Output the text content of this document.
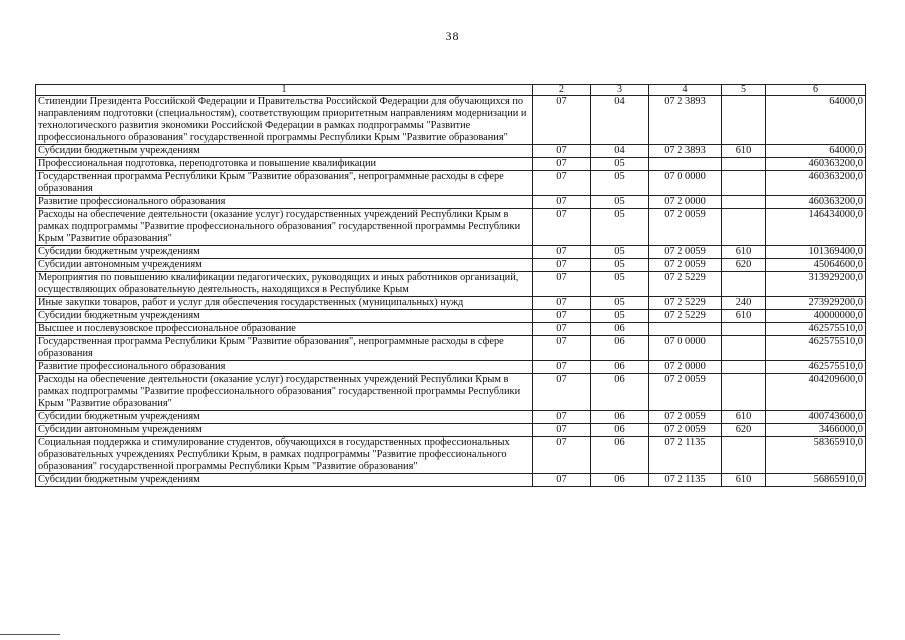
38
1	2	3	4	5	6
Стипендии Президента Российской Федерации и Правительства Российской Федерации для обучающихся по направлениям подготовки (специальностям), соответствующим приоритетным направлениям модернизации и технологического развития экономики Российской Федерации в рамках подпрограммы "Развитие профессионального образования" государственной программы Республики Крым "Развитие образования"	07	04	07 2 3893		64000,0
Субсидии бюджетным учреждениям	07	04	07 2 3893	610	64000,0
Профессиональная подготовка, переподготовка и повышение квалификации	07	05			460363200,0
Государственная программа Республики Крым "Развитие образования", непрограммные расходы в сфере образования	07	05	07 0 0000		460363200,0
Развитие профессионального образования	07	05	07 2 0000		460363200,0
Расходы на обеспечение деятельности (оказание услуг) государственных учреждений Республики Крым в рамках подпрограммы "Развитие профессионального образования" государственной программы Республики Крым "Развитие образования"	07	05	07 2 0059		146434000,0
Субсидии бюджетным учреждениям	07	05	07 2 0059	610	101369400,0
Субсидии автономным учреждениям	07	05	07 2 0059	620	45064600,0
Мероприятия по повышению квалификации педагогических, руководящих и иных работников организаций, осуществляющих образовательную деятельность, находящихся в Республике Крым	07	05	07 2 5229		313929200,0
Иные закупки товаров, работ и услуг для обеспечения государственных (муниципальных) нужд	07	05	07 2 5229	240	273929200,0
Субсидии бюджетным учреждениям	07	05	07 2 5229	610	40000000,0
Высшее и послевузовское профессиональное образование	07	06			462575510,0
Государственная программа Республики Крым "Развитие образования", непрограммные расходы в сфере образования	07	06	07 0 0000		462575510,0
Развитие профессионального образования	07	06	07 2 0000		462575510,0
Расходы на обеспечение деятельности (оказание услуг) государственных учреждений Республики Крым в рамках подпрограммы "Развитие профессионального образования" государственной программы Республики Крым "Развитие образования"	07	06	07 2 0059		404209600,0
Субсидии бюджетным учреждениям	07	06	07 2 0059	610	400743600,0
Субсидии автономным учреждениям	07	06	07 2 0059	620	3466000,0
Социальная поддержка и стимулирование студентов, обучающихся в государственных профессиональных образовательных учреждениях Республики Крым, в рамках подпрограммы "Развитие профессионального образования" государственной программы Республики Крым "Развитие образования"	07	06	07 2 1135		58365910,0
Субсидии бюджетным учреждениям	07	06	07 2 1135	610	56865910,0
